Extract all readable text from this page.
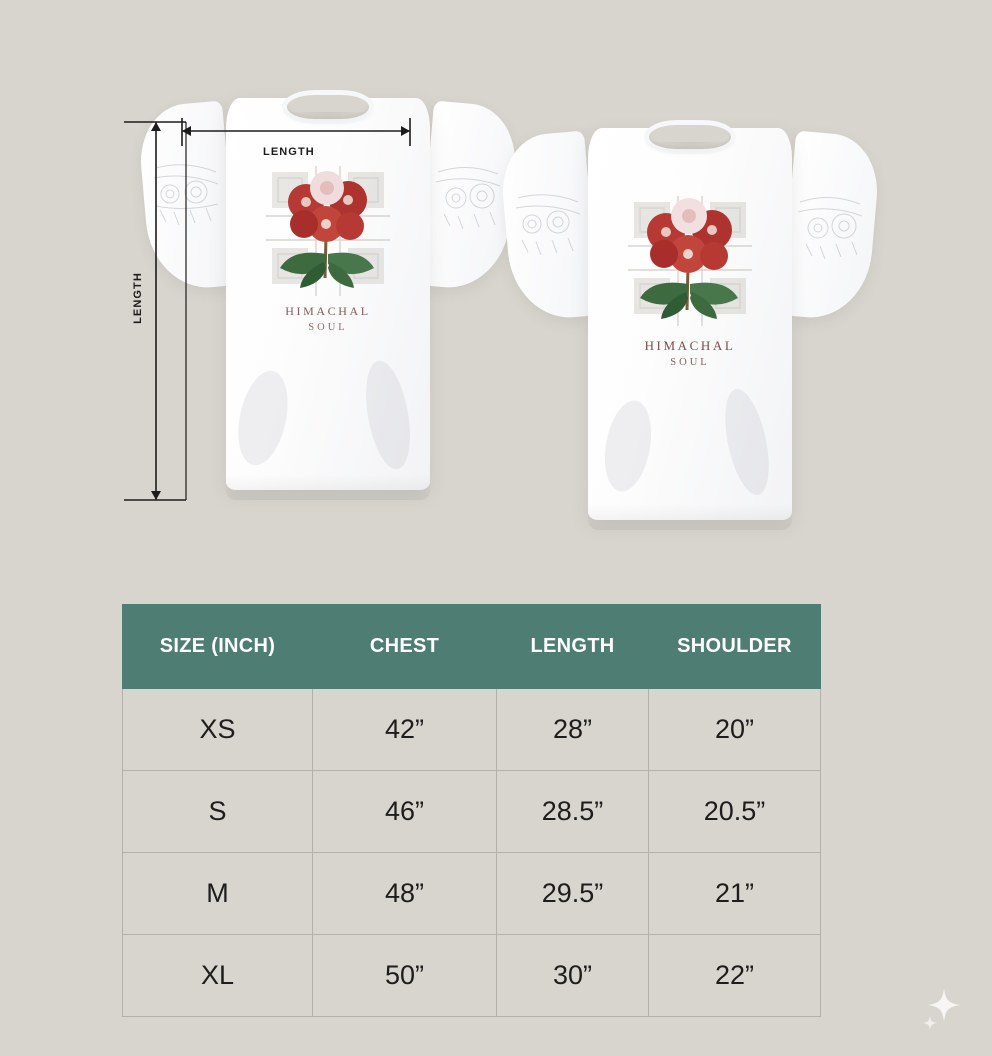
HIMACHAL
SOUL
HIMACHAL
SOUL
LENGTH
LENGTH
SIZE (INCH)	CHEST	LENGTH	SHOULDER
XS	42”	28”	20”
S	46”	28.5”	20.5”
M	48”	29.5”	21”
XL	50”	30”	22”
